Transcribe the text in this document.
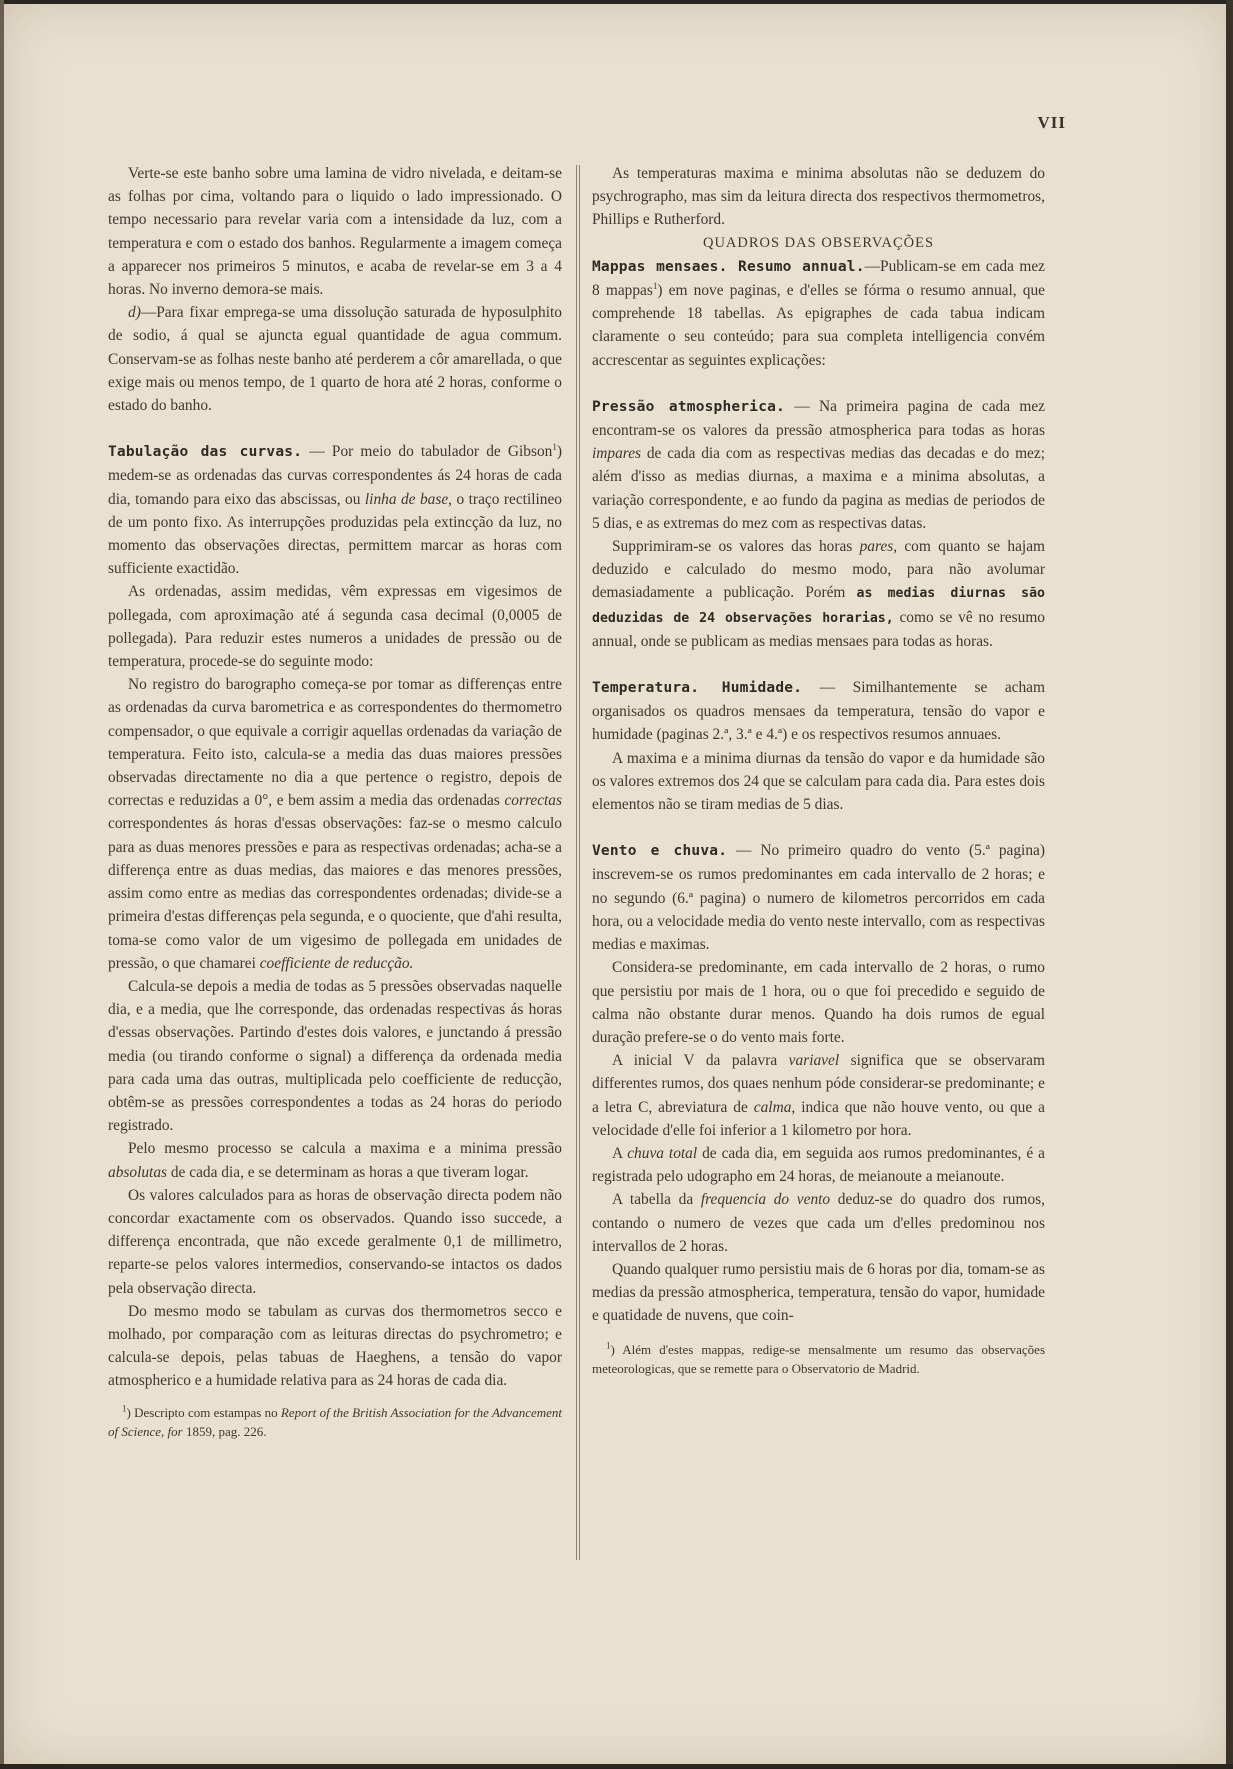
VII

Verte-se este banho sobre uma lamina de vidro nivelada, e deitam-se as folhas por cima, voltando para o liquido o lado impressionado. O tempo necessario para revelar varia com a intensidade da luz, com a temperatura e com o estado dos banhos. Regularmente a imagem começa a apparecer nos primeiros 5 minutos, e acaba de revelar-se em 3 a 4 horas. No inverno demora-se mais.

d)—Para fixar emprega-se uma dissolução saturada de hyposulphito de sodio, á qual se ajuncta egual quantidade de agua commum. Conservam-se as folhas neste banho até perderem a côr amarellada, o que exige mais ou menos tempo, de 1 quarto de hora até 2 horas, conforme o estado do banho.

Tabulação das curvas. — Por meio do tabulador de Gibson$^1$) medem-se as ordenadas das curvas correspondentes ás 24 horas de cada dia, tomando para eixo das abscissas, ou linha de base, o traço rectilineo de um ponto fixo. As interrupções produzidas pela extincção da luz, no momento das observações directas, permittem marcar as horas com sufficiente exactidão.

As ordenadas, assim medidas, vêm expressas em vigesimos de pollegada, com aproximação até á segunda casa decimal (0,0005 de pollegada). Para reduzir estes numeros a unidades de pressão ou de temperatura, procede-se do seguinte modo:

No registro do barographo começa-se por tomar as differenças entre as ordenadas da curva barometrica e as correspondentes do thermometro compensador, o que equivale a corrigir aquellas ordenadas da variação de temperatura. Feito isto, calcula-se a media das duas maiores pressões observadas directamente no dia a que pertence o registro, depois de correctas e reduzidas a 0°, e bem assim a media das ordenadas correctas correspondentes ás horas d'essas observações: faz-se o mesmo calculo para as duas menores pressões e para as respectivas ordenadas; acha-se a differença entre as duas medias, das maiores e das menores pressões, assim como entre as medias das correspondentes ordenadas; divide-se a primeira d'estas differenças pela segunda, e o quociente, que d'ahi resulta, toma-se como valor de um vigesimo de pollegada em unidades de pressão, o que chamarei coefficiente de reducção.

Calcula-se depois a media de todas as 5 pressões observadas naquelle dia, e a media, que lhe corresponde, das ordenadas respectivas ás horas d'essas observações. Partindo d'estes dois valores, e junctando á pressão media (ou tirando conforme o signal) a differença da ordenada media para cada uma das outras, multiplicada pelo coefficiente de reducção, obtêm-se as pressões correspondentes a todas as 24 horas do periodo registrado.

Pelo mesmo processo se calcula a maxima e a minima pressão absolutas de cada dia, e se determinam as horas a que tiveram logar.

Os valores calculados para as horas de observação directa podem não concordar exactamente com os observados. Quando isso succede, a differença encontrada, que não excede geralmente 0,1 de millimetro, reparte-se pelos valores intermedios, conservando-se intactos os dados pela observação directa.

Do mesmo modo se tabulam as curvas dos thermometros secco e molhado, por comparação com as leituras directas do psychrometro; e calcula-se depois, pelas tabuas de Haeghens, a tensão do vapor atmospherico e a humidade relativa para as 24 horas de cada dia.

$^1$) Descripto com estampas no Report of the British Association for the Advancement of Science, for 1859, pag. 226.

As temperaturas maxima e minima absolutas não se deduzem do psychrographo, mas sim da leitura directa dos respectivos thermometros, Phillips e Rutherford.

QUADROS DAS OBSERVAÇÕES

Mappas mensaes. Resumo annual.—Publicam-se em cada mez 8 mappas$^1$) em nove paginas, e d'elles se fórma o resumo annual, que comprehende 18 tabellas. As epigraphes de cada tabua indicam claramente o seu conteúdo; para sua completa intelligencia convém accrescentar as seguintes explicações:

Pressão atmospherica. — Na primeira pagina de cada mez encontram-se os valores da pressão atmospherica para todas as horas impares de cada dia com as respectivas medias das decadas e do mez; além d'isso as medias diurnas, a maxima e a minima absolutas, a variação correspondente, e ao fundo da pagina as medias de periodos de 5 dias, e as extremas do mez com as respectivas datas.

Supprimiram-se os valores das horas pares, com quanto se hajam deduzido e calculado do mesmo modo, para não avolumar demasiadamente a publicação. Porém as medias diurnas são deduzidas de 24 observações horarias, como se vê no resumo annual, onde se publicam as medias mensaes para todas as horas.

Temperatura. Humidade. — Similhantemente se acham organisados os quadros mensaes da temperatura, tensão do vapor e humidade (paginas 2.ª, 3.ª e 4.ª) e os respectivos resumos annuaes.

A maxima e a minima diurnas da tensão do vapor e da humidade são os valores extremos dos 24 que se calculam para cada dia. Para estes dois elementos não se tiram medias de 5 dias.

Vento e chuva. — No primeiro quadro do vento (5.ª pagina) inscrevem-se os rumos predominantes em cada intervallo de 2 horas; e no segundo (6.ª pagina) o numero de kilometros percorridos em cada hora, ou a velocidade media do vento neste intervallo, com as respectivas medias e maximas.

Considera-se predominante, em cada intervallo de 2 horas, o rumo que persistiu por mais de 1 hora, ou o que foi precedido e seguido de calma não obstante durar menos. Quando ha dois rumos de egual duração prefere-se o do vento mais forte.

A inicial V da palavra variavel significa que se observaram differentes rumos, dos quaes nenhum póde considerar-se predominante; e a letra C, abreviatura de calma, indica que não houve vento, ou que a velocidade d'elle foi inferior a 1 kilometro por hora.

A chuva total de cada dia, em seguida aos rumos predominantes, é a registrada pelo udographo em 24 horas, de meianoute a meianoute.

A tabella da frequencia do vento deduz-se do quadro dos rumos, contando o numero de vezes que cada um d'elles predominou nos intervallos de 2 horas.

Quando qualquer rumo persistiu mais de 6 horas por dia, tomam-se as medias da pressão atmospherica, temperatura, tensão do vapor, humidade e quatidade de nuvens, que coin-

$^1$) Além d'estes mappas, redige-se mensalmente um resumo das observações meteorologicas, que se remette para o Observatorio de Madrid.
